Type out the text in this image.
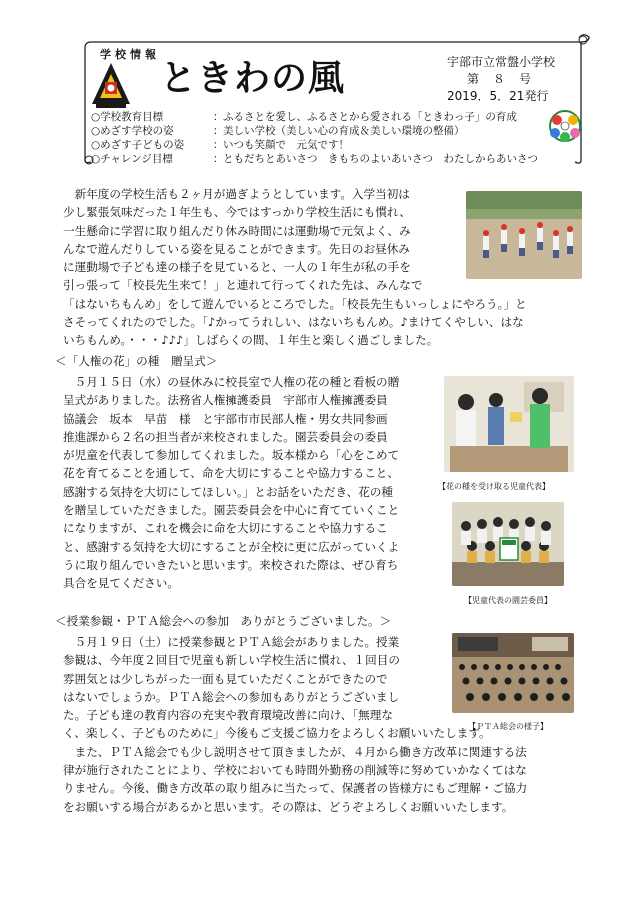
学校情報
ときわの風	宇部市立常盤小学校
第　８　号
2019．5．21発行
○学校教育目標	： ふるさとを愛し、ふるさとから愛される「ときわっ子」の育成
○めざす学校の姿	： 美しい学校（美しい心の育成＆美しい環境の整備）
○めざす子どもの姿	： いつも笑顔で　元気です！
○チャレンジ目標	： ともだちとあいさつ　きもちのよいあいさつ　わたしからあいさつ
　新年度の学校生活も２ヶ月が過ぎようとしています。入学当初は
少し緊張気味だった１年生も、今ではすっかり学校生活にも慣れ、
一生懸命に学習に取り組んだり休み時間には運動場で元気よく、み
んなで遊んだりしている姿を見ることができます。先日のお昼休み
に運動場で子ども達の様子を見ていると、一人の１年生が私の手を
引っ張って「校長先生来て！」と連れて行ってくれた先は、みんなで
「はないちもんめ」をして遊んでいるところでした。「校長先生もいっしょにやろう。」と
さそってくれたのでした。「♪かってうれしい、はないちもんめ。♪まけてくやしい、はな
いちもんめ。・・・♪♪♪」しばらくの間、１年生と楽しく過ごしました。
＜「人権の花」の種　贈呈式＞
　５月１５日（水）の昼休みに校長室で人権の花の種と看板の贈
呈式がありました。法務省人権擁護委員　宇部市人権擁護委員
協議会　坂本　早苗　様　と宇部市市民部人権・男女共同参画
推進課から２名の担当者が来校されました。園芸委員会の委員
が児童を代表して参加してくれました。坂本様から「心をこめて
花を育てることを通して、命を大切にすることや協力すること、
感謝する気持を大切にしてほしい。」とお話をいただき、花の種
を贈呈していただきました。園芸委員会を中心に育てていくこと
になりますが、これを機会に命を大切にすることや協力するこ
と、感謝する気持を大切にすることが全校に更に広がっていくよ
うに取り組んでいきたいと思います。来校された際は、ぜひ育ち
具合を見てください。
【花の種を受け取る児童代表】
【児童代表の園芸委員】
＜授業参観・ＰＴＡ総会への参加　ありがとうございました。＞
　５月１９日（土）に授業参観とＰＴＡ総会がありました。授業
参観は、今年度２回目で児童も新しい学校生活に慣れ、１回目の
雰囲気とは少しちがった一面も見ていただくことができたので
はないでしょうか。ＰＴＡ総会への参加もありがとうございまし
た。子ども達の教育内容の充実や教育環境改善に向け、「無理な
く、楽しく、子どものために」今後もご支援ご協力をよろしくお願いいたします。
　また、ＰＴＡ総会でも少し説明させて頂きましたが、４月から働き方改革に関連する法
律が施行されたことにより、学校においても時間外勤務の削減等に努めていかなくてはな
りません。今後、働き方改革の取り組みに当たって、保護者の皆様方にもご理解・ご協力
をお願いする場合があるかと思います。その際は、どうぞよろしくお願いいたします。
【ＰＴＡ総会の様子】
